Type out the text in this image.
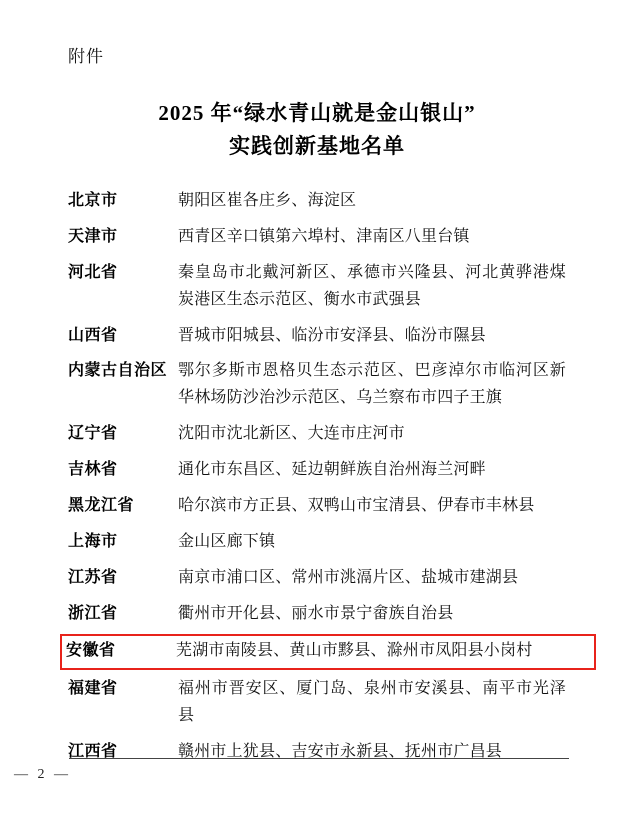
附件
2025 年“绿水青山就是金山银山”
实践创新基地名单
北京市	朝阳区崔各庄乡、海淀区
天津市	西青区辛口镇第六埠村、津南区八里台镇
河北省	秦皇岛市北戴河新区、承德市兴隆县、河北黄骅港煤炭港区生态示范区、衡水市武强县
山西省	晋城市阳城县、临汾市安泽县、临汾市隰县
内蒙古自治区 鄂尔多斯市恩格贝生态示范区、巴彦淖尔市临河区新华林场防沙治沙示范区、乌兰察布市四子王旗
辽宁省	沈阳市沈北新区、大连市庄河市
吉林省	通化市东昌区、延边朝鲜族自治州海兰河畔
黑龙江省	哈尔滨市方正县、双鸭山市宝清县、伊春市丰林县
上海市	金山区廊下镇
江苏省	南京市浦口区、常州市洮滆片区、盐城市建湖县
浙江省	衢州市开化县、丽水市景宁畲族自治县
安徽省	芜湖市南陵县、黄山市黟县、滁州市凤阳县小岗村
福建省	福州市晋安区、厦门岛、泉州市安溪县、南平市光泽县
江西省	赣州市上犹县、吉安市永新县、抚州市广昌县
— 2 —
